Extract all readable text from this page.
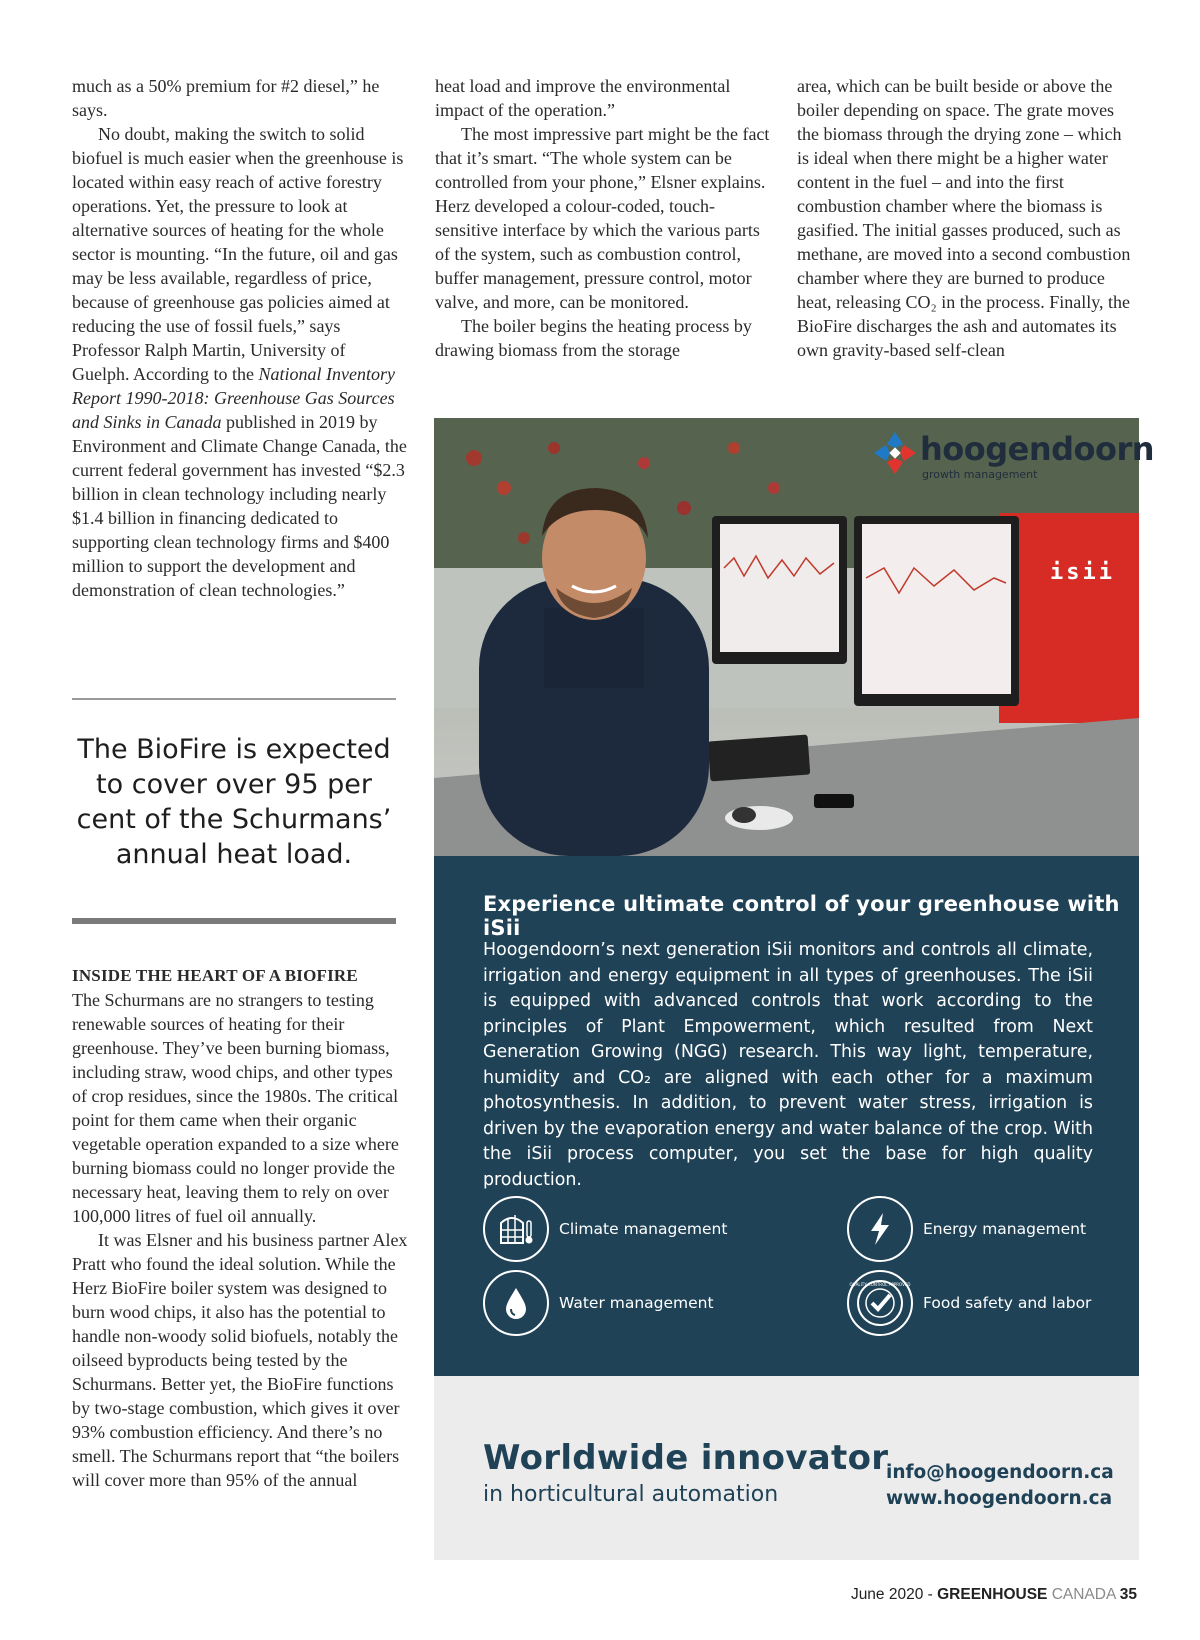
much as a 50% premium for #2 diesel,” he says.

No doubt, making the switch to solid biofuel is much easier when the greenhouse is located within easy reach of active forestry operations. Yet, the pressure to look at alternative sources of heating for the whole sector is mounting. “In the future, oil and gas may be less available, regardless of price, because of greenhouse gas policies aimed at reducing the use of fossil fuels,” says Professor Ralph Martin, University of Guelph. According to the National Inventory Report 1990-2018: Greenhouse Gas Sources and Sinks in Canada published in 2019 by Environment and Climate Change Canada, the current federal government has invested “$2.3 billion in clean technology including nearly $1.4 billion in financing dedicated to supporting clean technology firms and $400 million to support the development and demonstration of clean technologies.”

heat load and improve the environmental impact of the operation.”

The most impressive part might be the fact that it’s smart. “The whole system can be controlled from your phone,” Elsner explains. Herz developed a colour-coded, touch-sensitive interface by which the various parts of the system, such as combustion control, buffer management, pressure control, motor valve, and more, can be monitored.

The boiler begins the heating process by drawing biomass from the storage

area, which can be built beside or above the boiler depending on space. The grate moves the biomass through the drying zone – which is ideal when there might be a higher water content in the fuel – and into the first combustion chamber where the biomass is gasified. The initial gasses produced, such as methane, are moved into a second combustion chamber where they are burned to produce heat, releasing CO₂ in the process. Finally, the BioFire discharges the ash and automates its own gravity-based self-clean

The BioFire is expected to cover over 95 per cent of the Schurmans’ annual heat load.

INSIDE THE HEART OF A BIOFIRE

The Schurmans are no strangers to testing renewable sources of heating for their greenhouse. They’ve been burning biomass, including straw, wood chips, and other types of crop residues, since the 1980s. The critical point for them came when their organic vegetable operation expanded to a size where burning biomass could no longer provide the necessary heat, leaving them to rely on over 100,000 litres of fuel oil annually.

It was Elsner and his business partner Alex Pratt who found the ideal solution. While the Herz BioFire boiler system was designed to burn wood chips, it also has the potential to handle non-woody solid biofuels, notably the oilseed byproducts being tested by the Schurmans. Better yet, the BioFire functions by two-stage combustion, which gives it over 93% combustion efficiency. And there’s no smell. The Schurmans report that “the boilers will cover more than 95% of the annual

hoogendoorn
growth management
isii
Experience ultimate control of your greenhouse with iSii
Hoogendoorn’s next generation iSii monitors and controls all climate, irrigation and energy equipment in all types of greenhouses. The iSii is equipped with advanced controls that work according to the principles of Plant Empowerment, which resulted from Next Generation Growing (NGG) research. This way light, temperature, humidity and CO₂ are aligned with each other for a maximum photosynthesis. In addition, to prevent water stress, irrigation is driven by the evaporation energy and water balance of the crop. With the iSii process computer, you set the base for high quality production.
Climate management	Energy management
Water management
QUALITY CONTROL APPROVED
Food safety and labor
Worldwide innovator
in horticultural automation
info@hoogendoorn.ca
www.hoogendoorn.ca
June 2020 - GREENHOUSE CANADA 35
